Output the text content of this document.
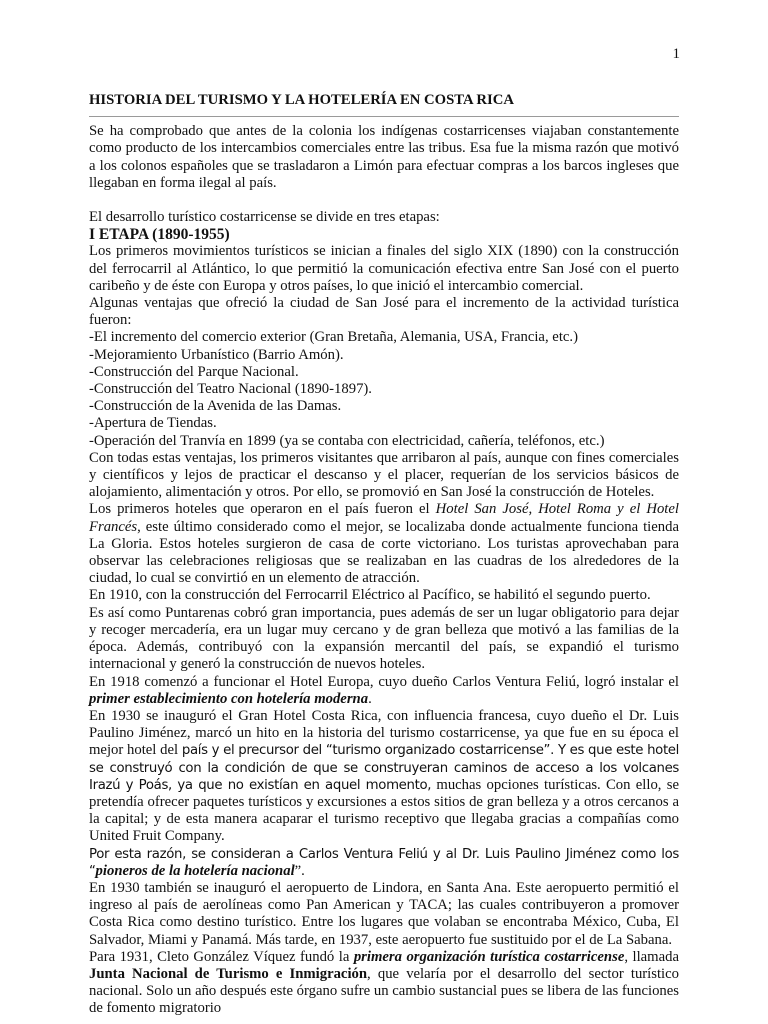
1
HISTORIA DEL TURISMO Y LA HOTELERÍA EN COSTA RICA

Se ha comprobado que antes de la colonia los indígenas costarricenses viajaban constantemente como producto de los intercambios comerciales entre las tribus. Esa fue la misma razón que motivó a los colonos españoles que se trasladaron a Limón para efectuar compras a los barcos ingleses que llegaban en forma ilegal al país.

El desarrollo turístico costarricense se divide en tres etapas:

I ETAPA (1890-1955)

Los primeros movimientos turísticos se inician a finales del siglo XIX (1890) con la construcción del ferrocarril al Atlántico, lo que permitió la comunicación efectiva entre San José con el puerto caribeño y de éste con Europa y otros países, lo que inició el intercambio comercial.

Algunas ventajas que ofreció la ciudad de San José para el incremento de la actividad turística fueron:

-El incremento del comercio exterior (Gran Bretaña, Alemania, USA, Francia, etc.)
-Mejoramiento Urbanístico (Barrio Amón).
-Construcción del Parque Nacional.
-Construcción del Teatro Nacional (1890-1897).
-Construcción de la Avenida de las Damas.
-Apertura de Tiendas.
-Operación del Tranvía en 1899 (ya se contaba con electricidad, cañería, teléfonos, etc.)

Con todas estas ventajas, los primeros visitantes que arribaron al país, aunque con fines comerciales y científicos y lejos de practicar el descanso y el placer, requerían de los servicios básicos de alojamiento, alimentación y otros. Por ello, se promovió en San José la construcción de Hoteles.

Los primeros hoteles que operaron en el país fueron el Hotel San José, Hotel Roma y el Hotel Francés, este último considerado como el mejor, se localizaba donde actualmente funciona tienda La Gloria. Estos hoteles surgieron de casa de corte victoriano. Los turistas aprovechaban para observar las celebraciones religiosas que se realizaban en las cuadras de los alrededores de la ciudad, lo cual se convirtió en un elemento de atracción.

En 1910, con la construcción del Ferrocarril Eléctrico al Pacífico, se habilitó el segundo puerto.

Es así como Puntarenas cobró gran importancia, pues además de ser un lugar obligatorio para dejar y recoger mercadería, era un lugar muy cercano y de gran belleza que motivó a las familias de la época. Además, contribuyó con la expansión mercantil del país, se expandió el turismo internacional y generó la construcción de nuevos hoteles.

En 1918 comenzó a funcionar el Hotel Europa, cuyo dueño Carlos Ventura Feliú, logró instalar el primer establecimiento con hotelería moderna.

En 1930 se inauguró el Gran Hotel Costa Rica, con influencia francesa, cuyo dueño el Dr. Luis Paulino Jiménez, marcó un hito en la historia del turismo costarricense, ya que fue en su época el mejor hotel del país y el precursor del “turismo organizado costarricense”. Y es que este hotel se construyó con la condición de que se construyeran caminos de acceso a los volcanes Irazú y Poás, ya que no existían en aquel momento, muchas opciones turísticas. Con ello, se pretendía ofrecer paquetes turísticos y excursiones a estos sitios de gran belleza y a otros cercanos a la capital; y de esta manera acaparar el turismo receptivo que llegaba gracias a compañías como United Fruit Company.

Por esta razón, se consideran a Carlos Ventura Feliú y al Dr. Luis Paulino Jiménez como los “pioneros de la hotelería nacional”.

En 1930 también se inauguró el aeropuerto de Lindora, en Santa Ana. Este aeropuerto permitió el ingreso al país de aerolíneas como Pan American y TACA; las cuales contribuyeron a promover Costa Rica como destino turístico. Entre los lugares que volaban se encontraba México, Cuba, El Salvador, Miami y Panamá. Más tarde, en 1937, este aeropuerto fue sustituido por el de La Sabana.

Para 1931, Cleto González Víquez fundó la primera organización turística costarricense, llamada Junta Nacional de Turismo e Inmigración, que velaría por el desarrollo del sector turístico nacional. Solo un año después este órgano sufre un cambio sustancial pues se libera de las funciones de fomento migratorio
